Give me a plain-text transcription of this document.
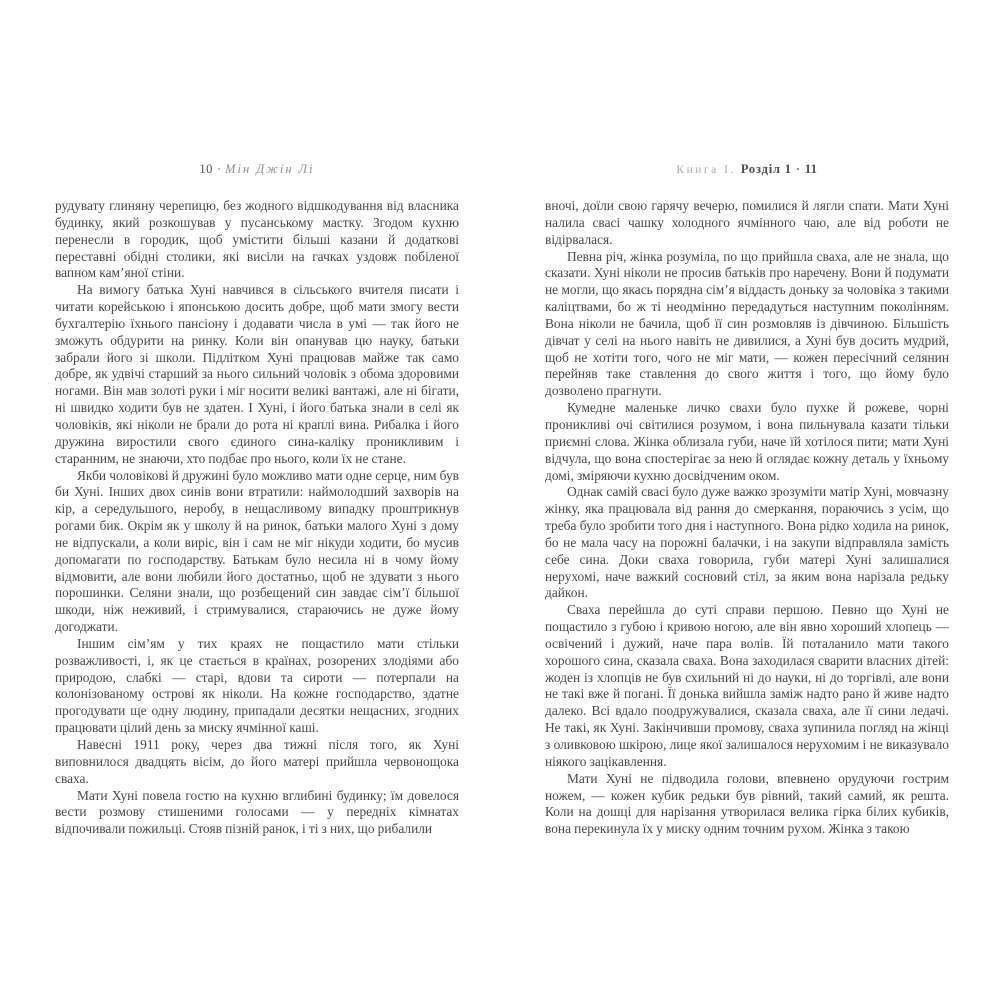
10 · Мін Джін Лі

рудувату глиняну черепицю, без жодного відшкодування від власника будинку, який розкошував у пусанському мастку. Згодом кухню перенесли в городик, щоб умістити більші казани й додаткові переставні обідні столики, які висіли на гачках уздовж побіленої вапном кам’яної стіни.

На вимогу батька Хуні навчився в сільського вчителя писати і читати корейською і японською досить добре, щоб мати змогу вести бухгалтерію їхнього пансіону і додавати числа в умі — так його не зможуть обдурити на ринку. Коли він опанував цю науку, батьки забрали його зі школи. Підлітком Хуні працював майже так само добре, як удвічі старший за нього сильний чоловік з обома здоровими ногами. Він мав золоті руки і міг носити великі вантажі, але ні бігати, ні швидко ходити був не здатен. І Хуні, і його батька знали в селі як чоловіків, які ніколи не брали до рота ні краплі вина. Рибалка і його дружина виростили свого єдиного сина-каліку проникливим і старанним, не знаючи, хто подбає про нього, коли їх не стане.

Якби чоловікові й дружині було можливо мати одне серце, ним був би Хуні. Інших двох синів вони втратили: наймолодший захворів на кір, а середульшого, неробу, в нещасливому випадку проштрикнув рогами бик. Окрім як у школу й на ринок, батьки малого Хуні з дому не відпускали, а коли виріс, він і сам не міг нікуди ходити, бо мусив допомагати по господарству. Батькам було несила ні в чому йому відмовити, але вони любили його достатньо, щоб не здувати з нього порошинки. Селяни знали, що розбещений син завдає сім’ї більшої шкоди, ніж неживий, і стримувалися, стараючись не дуже йому догоджати.

Іншим сім’ям у тих краях не пощастило мати стільки розважливості, і, як це стається в країнах, розорених злодіями або природою, слабкі — старі, вдови та сироти — потерпали на колонізованому острові як ніколи. На кожне господарство, здатне прогодувати ще одну людину, припадали десятки нещасних, згодних працювати цілий день за миску ячмінної каші.

Навесні 1911 року, через два тижні після того, як Хуні виповнилося двадцять вісім, до його матері прийшла червонощока сваха.

Мати Хуні повела гостю на кухню вглибині будинку; їм довелося вести розмову стишеними голосами — у передніх кімнатах відпочивали пожильці. Стояв пізній ранок, і ті з них, що рибалили

Книга I. Розділ 1 · 11

вночі, доїли свою гарячу вечерю, помилися й лягли спати. Мати Хуні налила свасі чашку холодного ячмінного чаю, але від роботи не відірвалася.

Певна річ, жінка розуміла, по що прийшла сваха, але не знала, що сказати. Хуні ніколи не просив батьків про наречену. Вони й подумати не могли, що якась порядна сім’я віддасть доньку за чоловіка з такими каліцтвами, бо ж ті неодмінно передадуться наступним поколінням. Вона ніколи не бачила, щоб її син розмовляв із дівчиною. Більшість дівчат у селі на нього навіть не дивилися, а Хуні був досить мудрий, щоб не хотіти того, чого не міг мати, — кожен пересічний селянин перейняв таке ставлення до свого життя і того, що йому було дозволено прагнути.

Кумедне маленьке личко свахи було пухке й рожеве, чорні проникливі очі світилися розумом, і вона пильнувала казати тільки приємні слова. Жінка облизала губи, наче їй хотілося пити; мати Хуні відчула, що вона спостерігає за нею й оглядає кожну деталь у їхньому домі, зміряючи кухню досвідченим оком.

Однак самій свасі було дуже важко зрозуміти матір Хуні, мовчазну жінку, яка працювала від рання до смеркання, пораючись з усім, що треба було зробити того дня і наступного. Вона рідко ходила на ринок, бо не мала часу на порожні балачки, і на закупи відправляла замість себе сина. Доки сваха говорила, губи матері Хуні залишалися нерухомі, наче важкий сосновий стіл, за яким вона нарізала редьку дайкон.

Сваха перейшла до суті справи першою. Певно що Хуні не пощастило з губою і кривою ногою, але він явно хороший хлопець — освічений і дужий, наче пара волів. Їй поталанило мати такого хорошого сина, сказала сваха. Вона заходилася сварити власних дітей: жоден із хлопців не був схильний ні до науки, ні до торгівлі, але вони не такі вже й погані. Її донька вийшла заміж надто рано й живе надто далеко. Всі вдало поодружувалися, сказала сваха, але її сини ледачі. Не такі, як Хуні. Закінчивши промову, сваха зупинила погляд на жінці з оливковою шкірою, лице якої залишалося нерухомим і не виказувало ніякого зацікавлення.

Мати Хуні не підводила голови, впевнено орудуючи гострим ножем, — кожен кубик редьки був рівний, такий самий, як решта. Коли на дошці для нарізання утворилася велика гірка білих кубиків, вона перекинула їх у миску одним точним рухом. Жінка з такою
